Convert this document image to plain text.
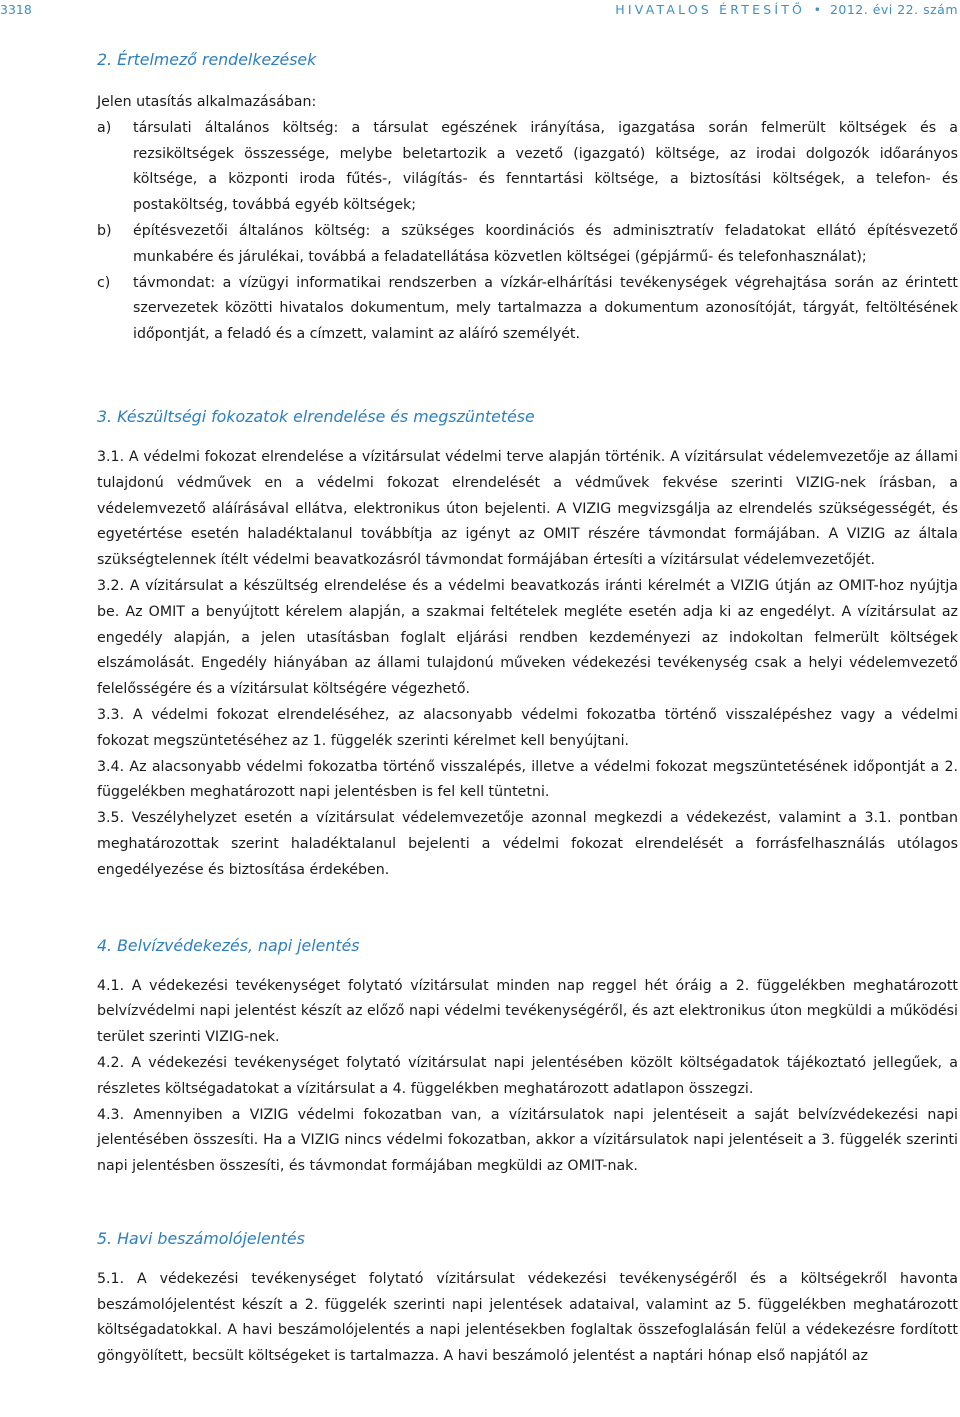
3318	HIVATALOS ÉRTESÍTŐ • 2012. évi 22. szám
2. Értelmező rendelkezések

Jelen utasítás alkalmazásában:

a)	társulati általános költség: a társulat egészének irányítása, igazgatása során felmerült költségek és a rezsiköltségek összessége, melybe beletartozik a vezető (igazgató) költsége, az irodai dolgozók időarányos költsége, a központi iroda fűtés-, világítás- és fenntartási költsége, a biztosítási költségek, a telefon- és postaköltség, továbbá egyéb költségek;
b)	építésvezetői általános költség: a szükséges koordinációs és adminisztratív feladatokat ellátó építésvezető munkabére és járulékai, továbbá a feladatellátása közvetlen költségei (gépjármű- és telefonhasználat);
c)	távmondat: a vízügyi informatikai rendszerben a vízkár-elhárítási tevékenységek végrehajtása során az érintett szervezetek közötti hivatalos dokumentum, mely tartalmazza a dokumentum azonosítóját, tárgyát, feltöltésének időpontját, a feladó és a címzett, valamint az aláíró személyét.
3. Készültségi fokozatok elrendelése és megszüntetése

3.1. A védelmi fokozat elrendelése a vízitársulat védelmi terve alapján történik. A vízitársulat védelemvezetője az állami tulajdonú védművek en a védelmi fokozat elrendelését a védművek fekvése szerinti VIZIG-nek írásban, a védelemvezető aláírásával ellátva, elektronikus úton bejelenti. A VIZIG megvizsgálja az elrendelés szükségességét, és egyetértése esetén haladéktalanul továbbítja az igényt az OMIT részére távmondat formájában. A VIZIG az általa szükségtelennek ítélt védelmi beavatkozásról távmondat formájában értesíti a vízitársulat védelemvezetőjét.

3.2. A vízitársulat a készültség elrendelése és a védelmi beavatkozás iránti kérelmét a VIZIG útján az OMIT-hoz nyújtja be. Az OMIT a benyújtott kérelem alapján, a szakmai feltételek megléte esetén adja ki az engedélyt. A vízitársulat az engedély alapján, a jelen utasításban foglalt eljárási rendben kezdeményezi az indokoltan felmerült költségek elszámolását. Engedély hiányában az állami tulajdonú műveken védekezési tevékenység csak a helyi védelemvezető felelősségére és a vízitársulat költségére végezhető.

3.3. A védelmi fokozat elrendeléséhez, az alacsonyabb védelmi fokozatba történő visszalépéshez vagy a védelmi fokozat megszüntetéséhez az 1. függelék szerinti kérelmet kell benyújtani.

3.4. Az alacsonyabb védelmi fokozatba történő visszalépés, illetve a védelmi fokozat megszüntetésének időpontját a 2. függelékben meghatározott napi jelentésben is fel kell tüntetni.

3.5. Veszélyhelyzet esetén a vízitársulat védelemvezetője azonnal megkezdi a védekezést, valamint a 3.1. pontban meghatározottak szerint haladéktalanul bejelenti a védelmi fokozat elrendelését a forrásfelhasználás utólagos engedélyezése és biztosítása érdekében.

4. Belvízvédekezés, napi jelentés

4.1. A védekezési tevékenységet folytató vízitársulat minden nap reggel hét óráig a 2. függelékben meghatározott belvízvédelmi napi jelentést készít az előző napi védelmi tevékenységéről, és azt elektronikus úton megküldi a működési terület szerinti VIZIG-nek.

4.2. A védekezési tevékenységet folytató vízitársulat napi jelentésében közölt költségadatok tájékoztató jellegűek, a részletes költségadatokat a vízitársulat a 4. függelékben meghatározott adatlapon összegzi.

4.3. Amennyiben a VIZIG védelmi fokozatban van, a vízitársulatok napi jelentéseit a saját belvízvédekezési napi jelentésében összesíti. Ha a VIZIG nincs védelmi fokozatban, akkor a vízitársulatok napi jelentéseit a 3. függelék szerinti napi jelentésben összesíti, és távmondat formájában megküldi az OMIT-nak.

5. Havi beszámolójelentés

5.1. A védekezési tevékenységet folytató vízitársulat védekezési tevékenységéről és a költségekről havonta beszámolójelentést készít a 2. függelék szerinti napi jelentések adataival, valamint az 5. függelékben meghatározott költségadatokkal. A havi beszámolójelentés a napi jelentésekben foglaltak összefoglalásán felül a védekezésre fordított göngyölített, becsült költségeket is tartalmazza. A havi beszámoló jelentést a naptári hónap első napjától az
